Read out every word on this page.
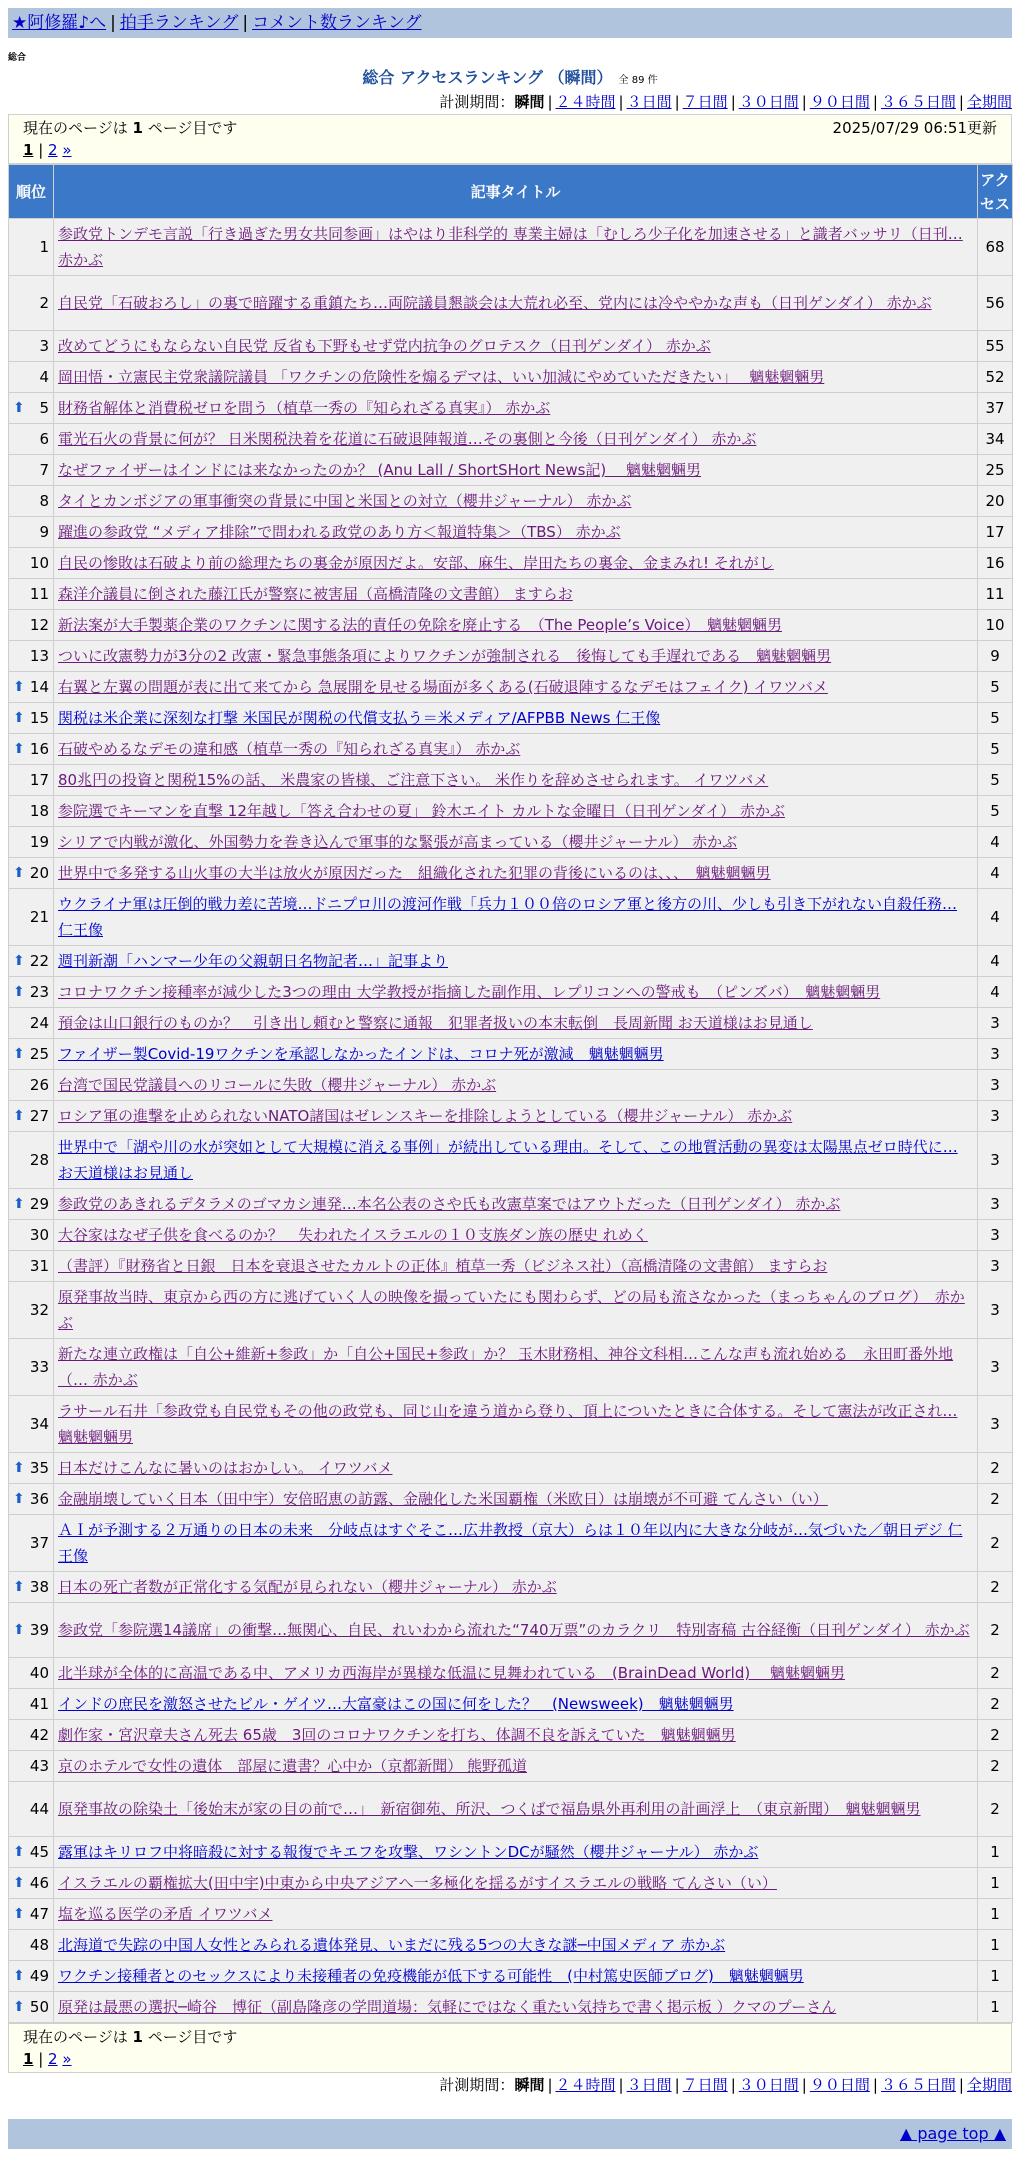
★阿修羅♪へ | 拍手ランキング | コメント数ランキング
総合
総合 アクセスランキング （瞬間） 全 89 件
計測期間：瞬間 | ２４時間 | ３日間 | ７日間 | ３０日間 | ９０日間 | ３６５日間 | 全期間
現在のページは 1 ページ目です	2025/07/29 06:51更新
1 | 2 »
順位	記事タイトル	アクセス
1	参政党トンデモ言説「行き過ぎた男女共同参画」はやはり非科学的 専業主婦は「むしろ少子化を加速させる」と識者バッサリ（日刊… 赤かぶ	68
2	自民党「石破おろし」の裏で暗躍する重鎮たち…両院議員懇談会は大荒れ必至、党内には冷ややかな声も（日刊ゲンダイ） 赤かぶ	56
3	改めてどうにもならない自民党 反省も下野もせず党内抗争のグロテスク（日刊ゲンダイ） 赤かぶ	55
4	岡田悟・立憲民主党衆議院議員 「ワクチンの危険性を煽るデマは、いい加減にやめていただきたい」　 魑魅魍魎男	52

⬆ 5	財務省解体と消費税ゼロを問う（植草一秀の『知られざる真実』） 赤かぶ	37
6	電光石火の背景に何が？ 日米関税決着を花道に石破退陣報道…その裏側と今後（日刊ゲンダイ） 赤かぶ	34
7	なぜファイザーはインドには来なかったのか？ (Anu Lall / ShortSHort News記) 　魑魅魍魎男	25
8	タイとカンボジアの軍事衝突の背景に中国と米国との対立（櫻井ジャーナル） 赤かぶ	20
9	躍進の参政党 “メディア排除”で問われる政党のあり方＜報道特集＞（TBS） 赤かぶ	17
10	自民の惨敗は石破より前の総理たちの裏金が原因だよ。安部、麻生、岸田たちの裏金、金まみれ! それがし	16
11	森洋介議員に倒された藤江氏が警察に被害届（高橋清隆の文書館） ますらお	11
12	新法案が大手製薬企業のワクチンに関する法的責任の免除を廃止する　（The People’s Voice）　魑魅魍魎男	10
13	ついに改憲勢力が3分の2 改憲・緊急事態条項によりワクチンが強制される　後悔しても手遅れである　魑魅魍魎男	9

⬆ 14	右翼と左翼の問題が表に出て来てから 急展開を見せる場面が多くある(石破退陣するなデモはフェイク) イワツバメ	5

⬆ 15	関税は米企業に深刻な打撃 米国民が関税の代償支払う＝米メディア/AFPBB News 仁王像	5

⬆ 16	石破やめるなデモの違和感（植草一秀の『知られざる真実』） 赤かぶ	5
17	80兆円の投資と関税15%の話、 米農家の皆様、ご注意下さい。 米作りを辞めさせられます。 イワツバメ	5
18	参院選でキーマンを直撃 12年越し「答え合わせの夏」 鈴木エイト カルトな金曜日（日刊ゲンダイ） 赤かぶ	5
19	シリアで内戦が激化、外国勢力を巻き込んで軍事的な緊張が高まっている（櫻井ジャーナル） 赤かぶ	4

⬆ 20	世界中で多発する山火事の大半は放火が原因だった　組織化された犯罪の背後にいるのは、、、　魑魅魍魎男	4
21	ウクライナ軍は圧倒的戦力差に苦境…ドニプロ川の渡河作戦「兵力１００倍のロシア軍と後方の川、少しも引き下がれない自殺任務… 仁王像	4

⬆ 22	週刊新潮「ハンマー少年の父親朝日名物記者…」記事より	4

⬆ 23	コロナワクチン接種率が減少した3つの理由 大学教授が指摘した副作用、レプリコンへの警戒も　（ピンズバ）　魑魅魍魎男	4
24	預金は山口銀行のものか？　引き出し頼むと警察に通報　犯罪者扱いの本末転倒　長周新聞 お天道様はお見通し	3

⬆ 25	ファイザー製Covid-19ワクチンを承認しなかったインドは、コロナ死が激減　魑魅魍魎男	3
26	台湾で国民党議員へのリコールに失敗（櫻井ジャーナル） 赤かぶ	3

⬆ 27	ロシア軍の進撃を止められないNATO諸国はゼレンスキーを排除しようとしている（櫻井ジャーナル） 赤かぶ	3
28	世界中で「湖や川の水が突如として大規模に消える事例」が続出している理由。そして、この地質活動の異変は太陽黒点ゼロ時代に… お天道様はお見通し	3

⬆ 29	参政党のあきれるデタラメのゴマカシ連発…本名公表のさや氏も改憲草案ではアウトだった（日刊ゲンダイ） 赤かぶ	3
30	大谷家はなぜ子供を食べるのか？　失われたイスラエルの１０支族ダン族の歴史 れめく	3
31	（書評）『財務省と日銀　日本を衰退させたカルトの正体』植草一秀（ビジネス社）（高橋清隆の文書館） ますらお	3
32	原発事故当時、東京から西の方に逃げていく人の映像を撮っていたにも関わらず、どの局も流さなかった（まっちゃんのブログ）　赤かぶ	3
33	新たな連立政権は「自公+維新+参政」か「自公+国民+参政」か？ 玉木財務相、神谷文科相…こんな声も流れ始める　永田町番外地（… 赤かぶ	3
34	ラサール石井「参政党も自民党もその他の政党も、同じ山を違う道から登り、頂上についたときに合体する。そして憲法が改正され… 魑魅魍魎男	3

⬆ 35	日本だけこんなに暑いのはおかしい。 イワツバメ	2

⬆ 36	金融崩壊していく日本（田中宇）安倍昭恵の訪露、金融化した米国覇権（米欧日）は崩壊が不可避 てんさい（い）	2
37	ＡＩが予測する２万通りの日本の未来　分岐点はすぐそこ…広井教授（京大）らは１０年以内に大きな分岐が…気づいた／朝日デジ 仁王像	2

⬆ 38	日本の死亡者数が正常化する気配が見られない（櫻井ジャーナル） 赤かぶ	2

⬆ 39	参政党「参院選14議席」の衝撃…無関心、自民、れいわから流れた“740万票”のカラクリ　特別寄稿 古谷経衡（日刊ゲンダイ） 赤かぶ	2
40	北半球が全体的に高温である中、アメリカ西海岸が異様な低温に見舞われている　(BrainDead World)　 魑魅魍魎男	2
41	インドの庶民を激怒させたビル・ゲイツ…大富豪はこの国に何をした？　(Newsweek)　魑魅魍魎男	2
42	劇作家・宮沢章夫さん死去 65歳　3回のコロナワクチンを打ち、体調不良を訴えていた　魑魅魍魎男	2
43	京のホテルで女性の遺体　部屋に遺書？心中か（京都新聞） 熊野孤道	2
44	原発事故の除染土「後始末が家の目の前で…」　新宿御苑、所沢、つくばで福島県外再利用の計画浮上　（東京新聞）　魑魅魍魎男	2

⬆ 45	露軍はキリロフ中将暗殺に対する報復でキエフを攻撃、ワシントンDCが騒然（櫻井ジャーナル） 赤かぶ	1

⬆ 46	イスラエルの覇権拡大(田中宇)中東から中央アジアへ一多極化を揺るがすイスラエルの戦略 てんさい（い）	1

⬆ 47	塩を巡る医学の矛盾 イワツバメ	1
48	北海道で失踪の中国人女性とみられる遺体発見、いまだに残る5つの大きな謎─中国メディア 赤かぶ	1

⬆ 49	ワクチン接種者とのセックスにより未接種者の免疫機能が低下する可能性　(中村篤史医師ブログ)　魑魅魍魎男	1

⬆ 50	原発は最悪の選択─崎谷　博征（副島隆彦の学問道場：気軽にではなく重たい気持ちで書く掲示板 ）クマのプーさん	1
現在のページは 1 ページ目です
1 | 2 »
計測期間：瞬間 | ２４時間 | ３日間 | ７日間 | ３０日間 | ９０日間 | ３６５日間 | 全期間
▲ page top ▲
